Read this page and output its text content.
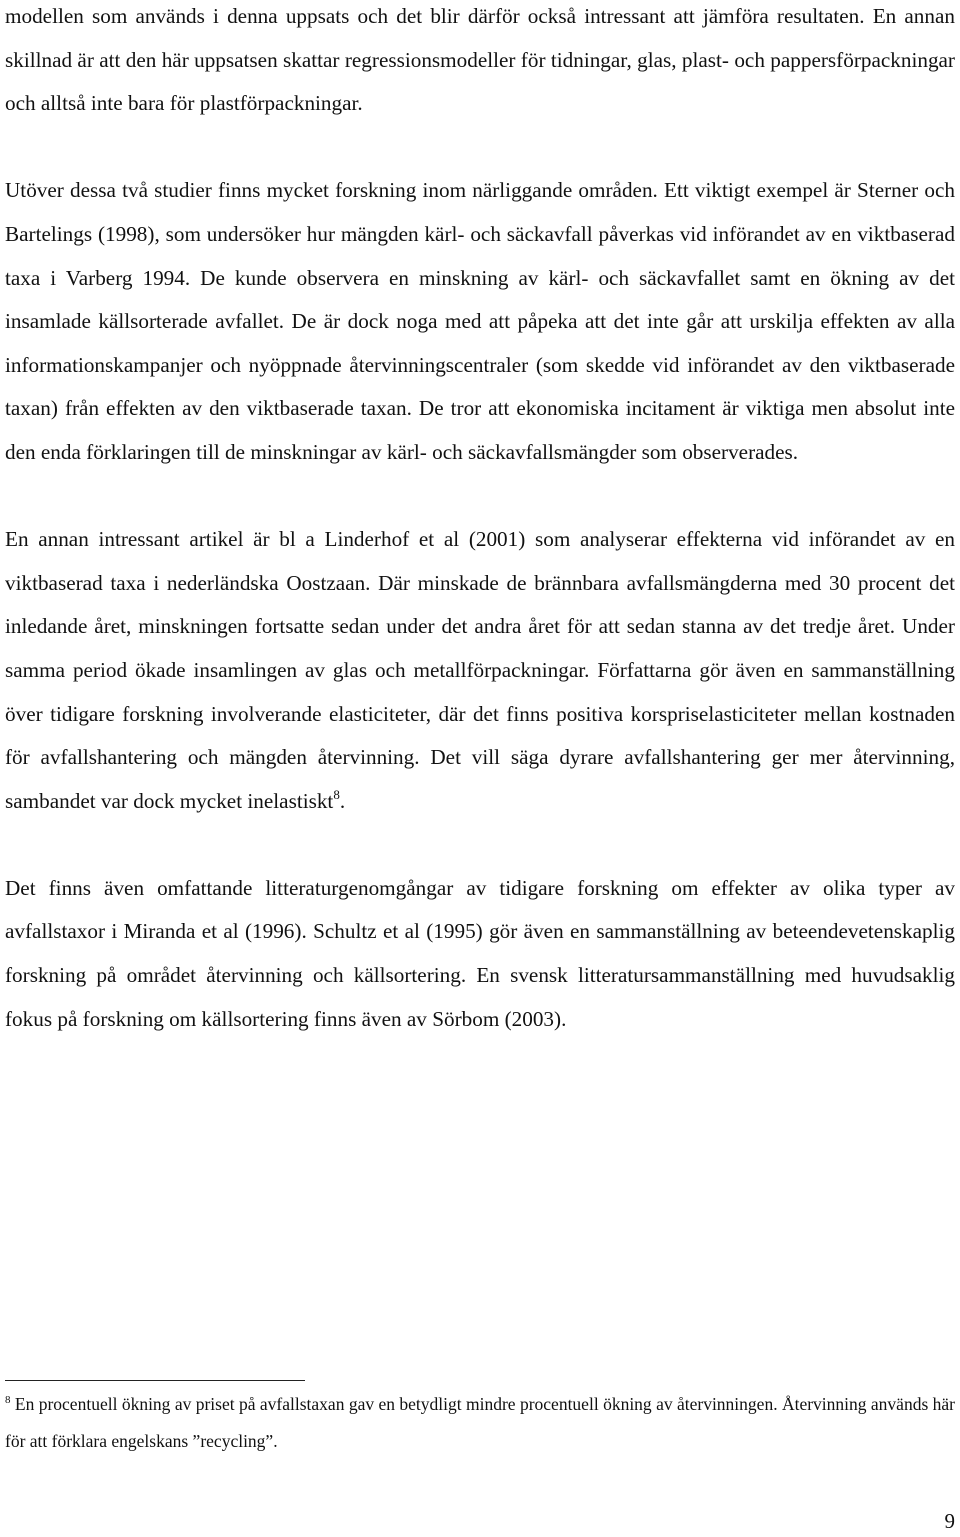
modellen som används i denna uppsats och det blir därför också intressant att jämföra resultaten. En annan skillnad är att den här uppsatsen skattar regressionsmodeller för tidningar, glas, plast- och pappersförpackningar och alltså inte bara för plastförpackningar.

Utöver dessa två studier finns mycket forskning inom närliggande områden. Ett viktigt exempel är Sterner och Bartelings (1998), som undersöker hur mängden kärl- och säckavfall påverkas vid införandet av en viktbaserad taxa i Varberg 1994. De kunde observera en minskning av kärl- och säckavfallet samt en ökning av det insamlade källsorterade avfallet. De är dock noga med att påpeka att det inte går att urskilja effekten av alla informationskampanjer och nyöppnade återvinningscentraler (som skedde vid införandet av den viktbaserade taxan) från effekten av den viktbaserade taxan. De tror att ekonomiska incitament är viktiga men absolut inte den enda förklaringen till de minskningar av kärl- och säckavfallsmängder som observerades.

En annan intressant artikel är bl a Linderhof et al (2001) som analyserar effekterna vid införandet av en viktbaserad taxa i nederländska Oostzaan. Där minskade de brännbara avfallsmängderna med 30 procent det inledande året, minskningen fortsatte sedan under det andra året för att sedan stanna av det tredje året. Under samma period ökade insamlingen av glas och metallförpackningar. Författarna gör även en sammanställning över tidigare forskning involverande elasticiteter, där det finns positiva korspriselasticiteter mellan kostnaden för avfallshantering och mängden återvinning. Det vill säga dyrare avfallshantering ger mer återvinning, sambandet var dock mycket inelastiskt$^8$.

Det finns även omfattande litteraturgenomgångar av tidigare forskning om effekter av olika typer av avfallstaxor i Miranda et al (1996). Schultz et al (1995) gör även en sammanställning av beteendevetenskaplig forskning på området återvinning och källsortering. En svensk litteratursammanställning med huvudsaklig fokus på forskning om källsortering finns även av Sörbom (2003).

$^8$ En procentuell ökning av priset på avfallstaxan gav en betydligt mindre procentuell ökning av återvinningen. Återvinning används här för att förklara engelskans ”recycling”.
9
